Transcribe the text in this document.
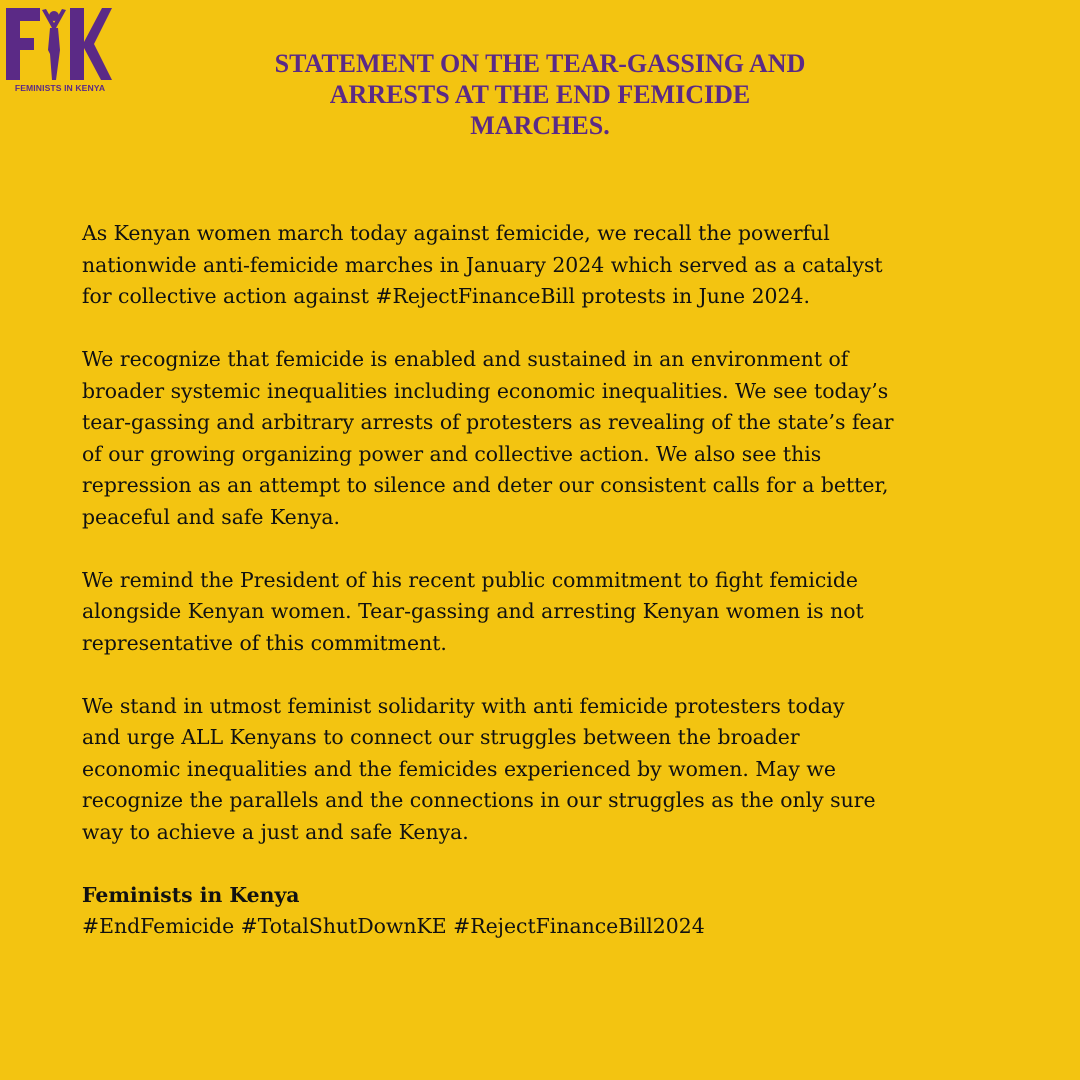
FEMINISTS IN KENYA
STATEMENT ON THE TEAR-GASSING AND
ARRESTS AT THE END FEMICIDE
MARCHES.

As Kenyan women march today against femicide, we recall the powerful
nationwide anti-femicide marches in January 2024 which served as a catalyst
for collective action against #RejectFinanceBill protests in June 2024.

We recognize that femicide is enabled and sustained in an environment of
broader systemic inequalities including economic inequalities. We see today’s
tear-gassing and arbitrary arrests of protesters as revealing of the state’s fear
of our growing organizing power and collective action. We also see this
repression as an attempt to silence and deter our consistent calls for a better,
peaceful and safe Kenya.

We remind the President of his recent public commitment to fight femicide
alongside Kenyan women. Tear-gassing and arresting Kenyan women is not
representative of this commitment.

We stand in utmost feminist solidarity with anti femicide protesters today
and urge ALL Kenyans to connect our struggles between the broader
economic inequalities and the femicides experienced by women. May we
recognize the parallels and the connections in our struggles as the only sure
way to achieve a just and safe Kenya.

Feminists in Kenya

#EndFemicide #TotalShutDownKE #RejectFinanceBill2024
